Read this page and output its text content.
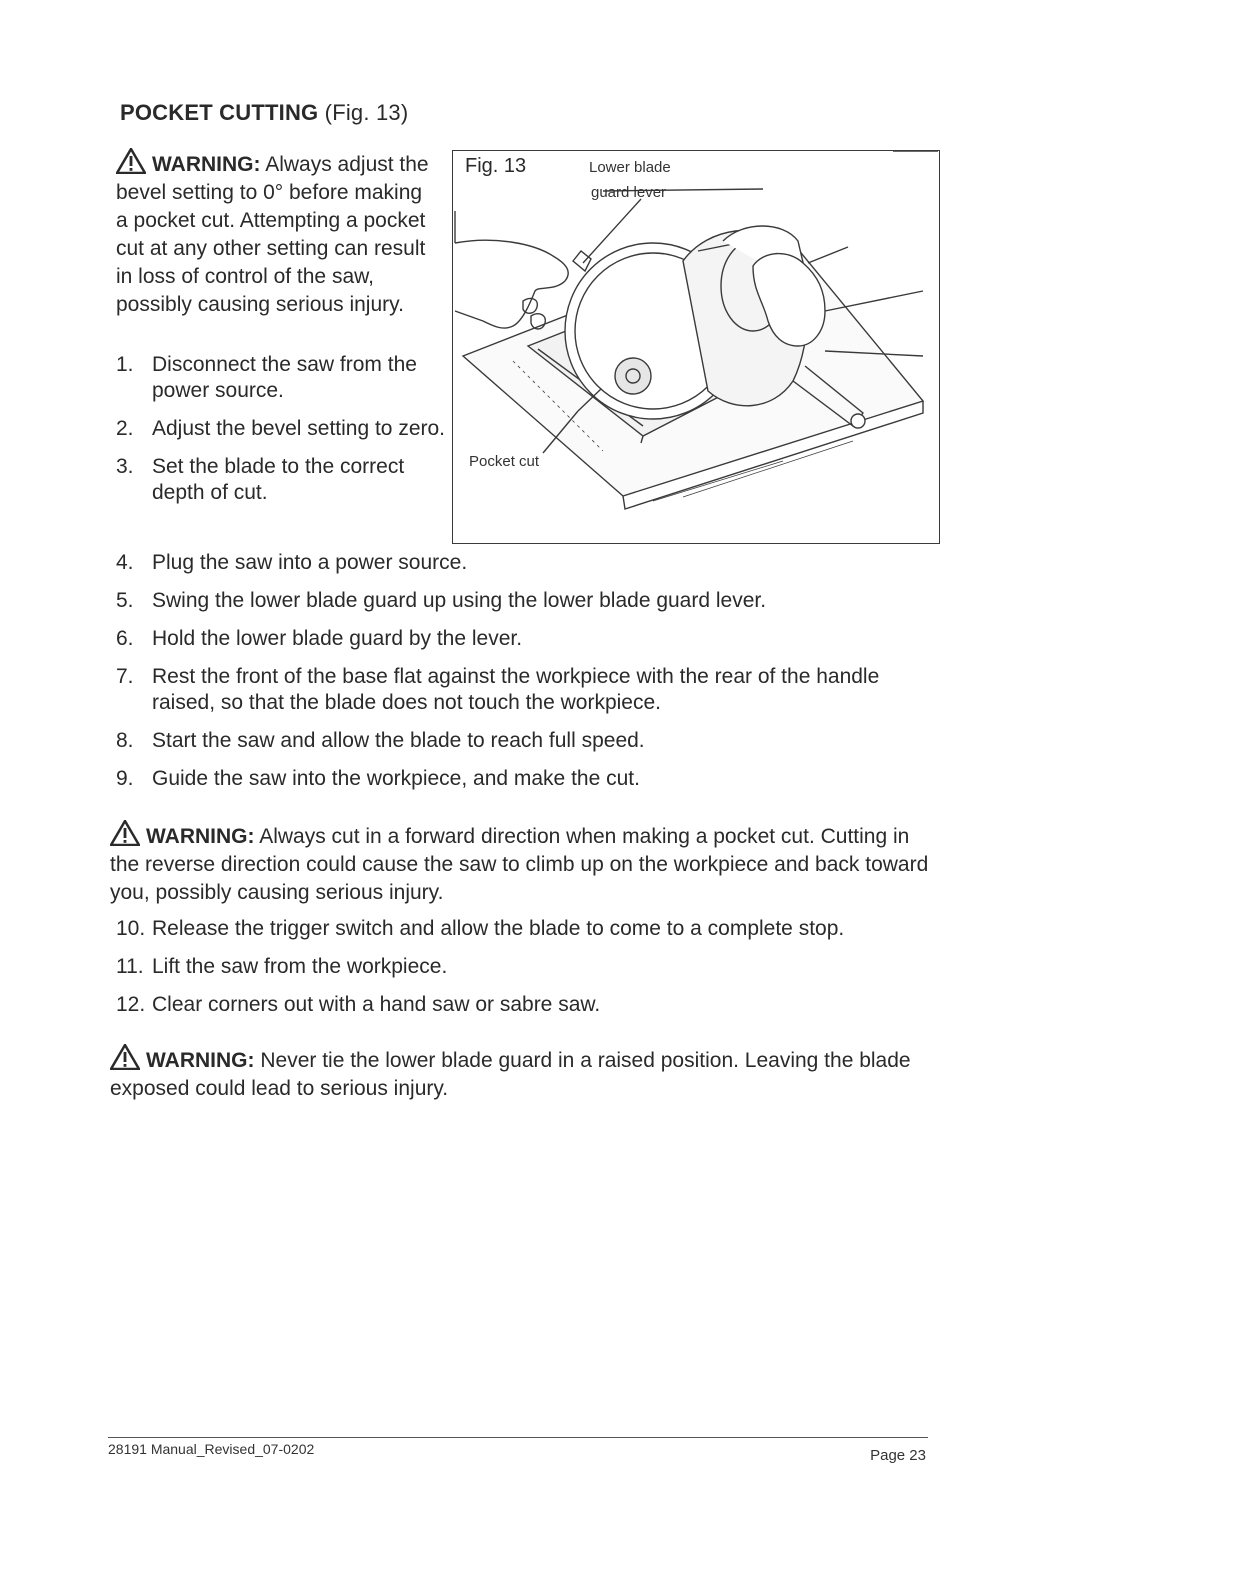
POCKET CUTTING (Fig. 13)
WARNING: Always adjust the bevel setting to 0° before making a pocket cut. Attempting a pocket cut at any other setting can result in loss of control of the saw, possibly causing serious injury.
1. Disconnect the saw from the power source.
2. Adjust the bevel setting to zero.
3. Set the blade to the correct depth of cut.
Fig. 13	Lower blade
guard lever
Pocket cut
4. Plug the saw into a power source.
5. Swing the lower blade guard up using the lower blade guard lever.
6. Hold the lower blade guard by the lever.
7. Rest the front of the base flat against the workpiece with the rear of the handle raised, so that the blade does not touch the workpiece.
8. Start the saw and allow the blade to reach full speed.
9. Guide the saw into the workpiece, and make the cut.
WARNING: Always cut in a forward direction when making a pocket cut. Cutting in the reverse direction could cause the saw to climb up on the workpiece and back toward you, possibly causing serious injury.
10. Release the trigger switch and allow the blade to come to a complete stop.
11. Lift the saw from the workpiece.
12. Clear corners out with a hand saw or sabre saw.
WARNING: Never tie the lower blade guard in a raised position. Leaving the blade exposed could lead to serious injury.
28191 Manual_Revised_07-0202	Page 23
